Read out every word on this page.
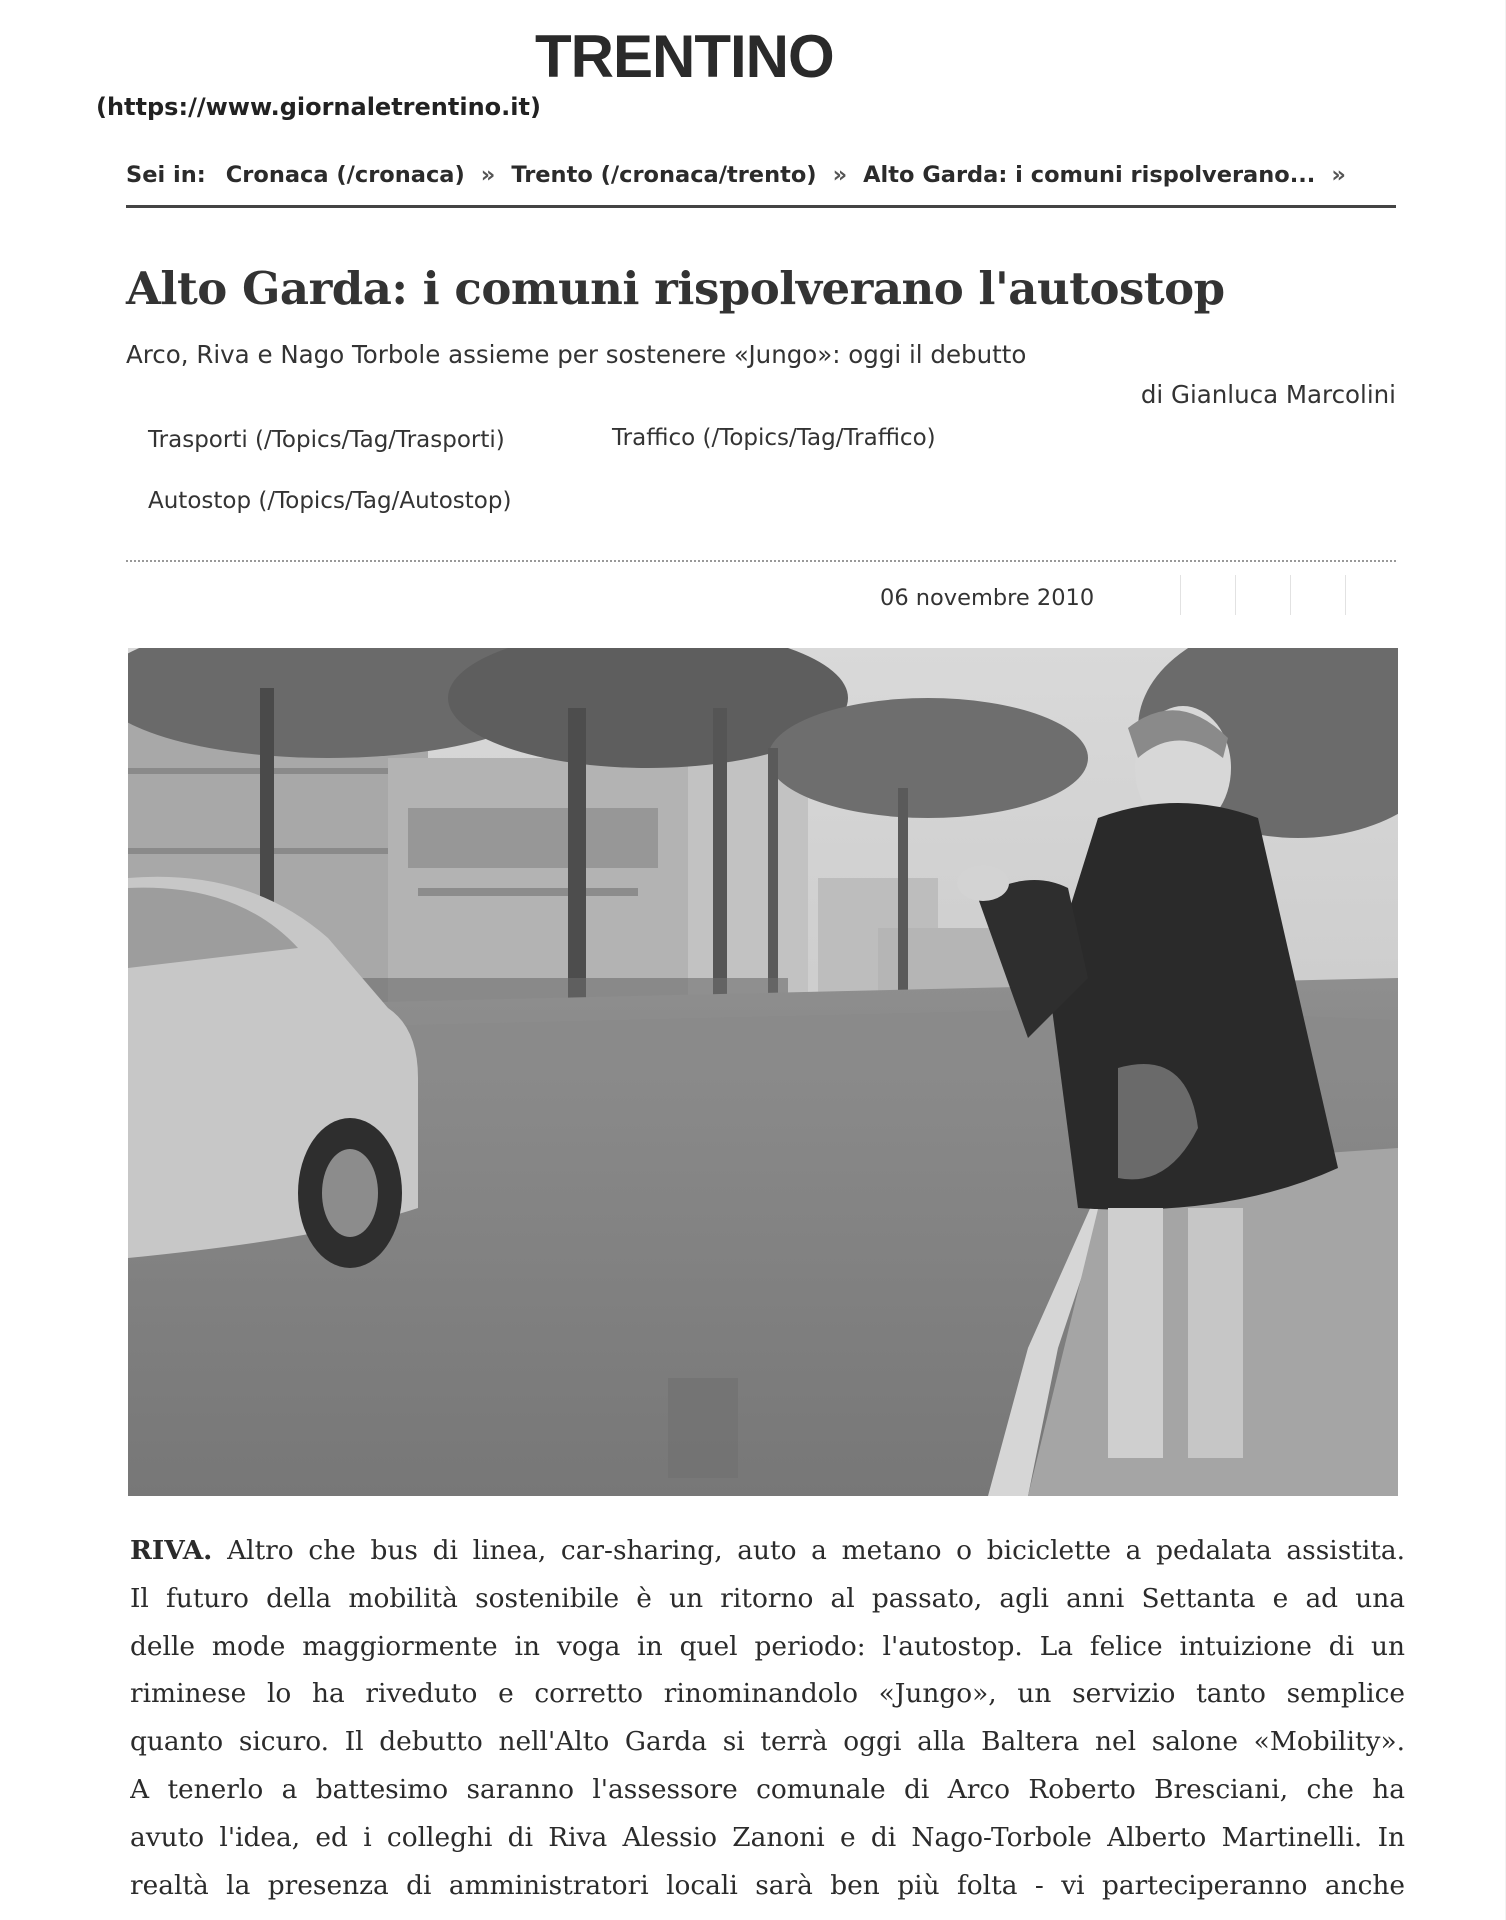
TRENTINO
(https://www.giornaletrentino.it)
Sei in: Cronaca (/cronaca) » Trento (/cronaca/trento) » Alto Garda: i comuni rispolverano... »
Alto Garda: i comuni rispolverano l'autostop
Arco, Riva e Nago Torbole assieme per sostenere «Jungo»: oggi il debutto
di Gianluca Marcolini
Trasporti (/Topics/Tag/Trasporti)	Traffico (/Topics/Tag/Traffico)
Autostop (/Topics/Tag/Autostop)
06 novembre 2010

RIVA. Altro che bus di linea, car-sharing, auto a metano o biciclette a pedalata assistita.

Il futuro della mobilità sostenibile è un ritorno al passato, agli anni Settanta e ad una

delle mode maggiormente in voga in quel periodo: l'autostop. La felice intuizione di un

riminese lo ha riveduto e corretto rinominandolo «Jungo», un servizio tanto semplice

quanto sicuro. Il debutto nell'Alto Garda si terrà oggi alla Baltera nel salone «Mobility».

A tenerlo a battesimo saranno l'assessore comunale di Arco Roberto Bresciani, che ha

avuto l'idea, ed i colleghi di Riva Alessio Zanoni e di Nago-Torbole Alberto Martinelli. In

realtà la presenza di amministratori locali sarà ben più folta - vi parteciperanno anche
